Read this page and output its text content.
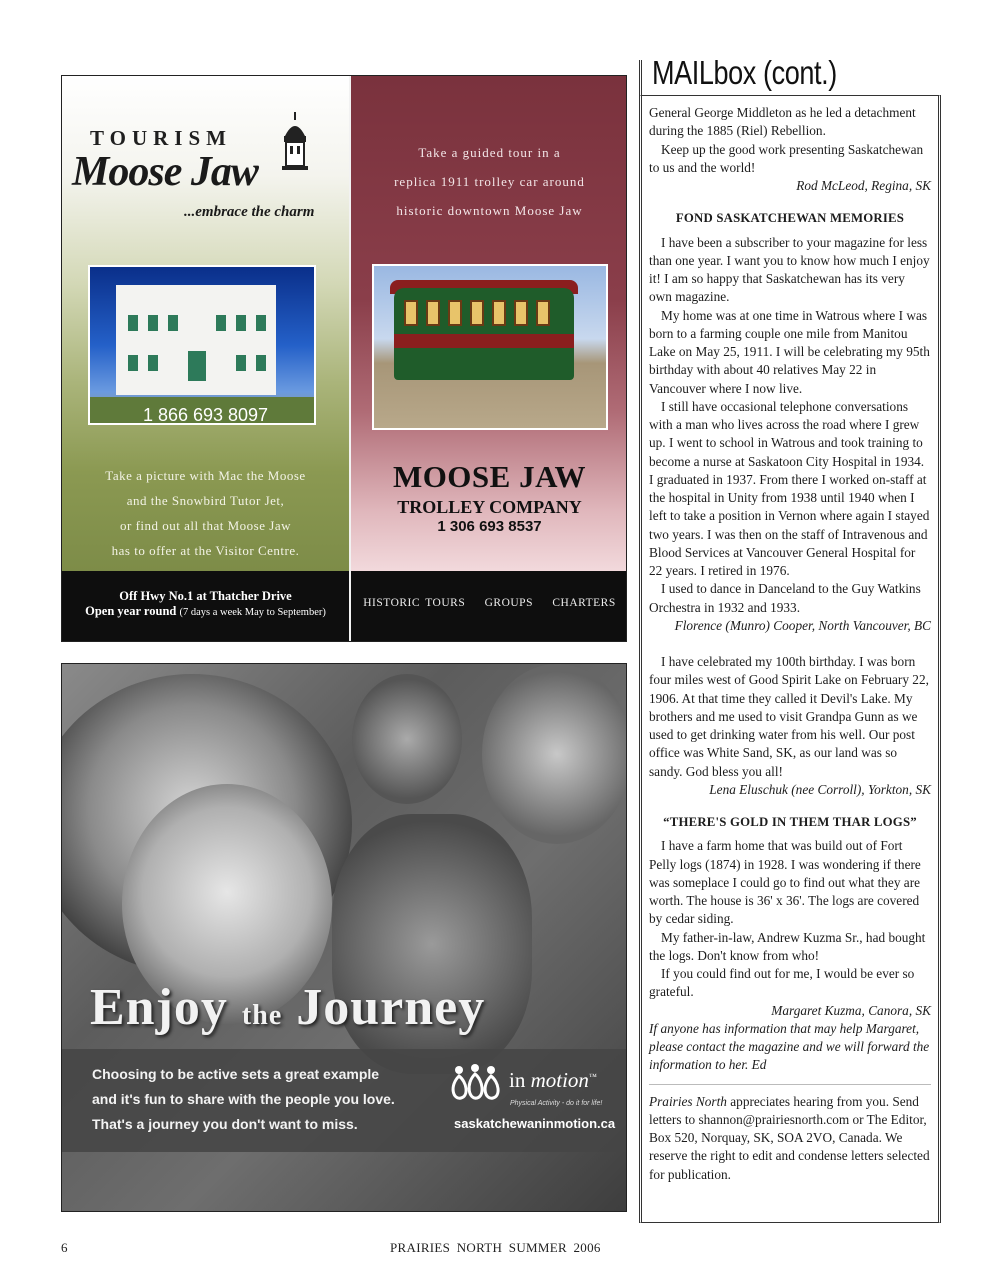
TOURISM
Moose Jaw
...embrace the charm
1 866 693 8097
Take a picture with Mac the Moose
and the Snowbird Tutor Jet,
or find out all that Moose Jaw
has to offer at the Visitor Centre.
Off Hwy No.1 at Thatcher Drive
Open year round (7 days a week May to September)
Take a guided tour in a
replica 1911 trolley car around
historic downtown Moose Jaw
MOOSE JAW
TROLLEY COMPANY
1 306 693 8537
HISTORIC TOURS GROUPS CHARTERS
Enjoy the Journey
Choosing to be active sets a great example
and it's fun to share with the people you love.
That's a journey you don't want to miss.
in motion™
Physical Activity - do it for life!
saskatchewaninmotion.ca
MAILbox (cont.)

General George Middleton as he led a detachment during the 1885 (Riel) Rebellion.

Keep up the good work presenting Saskatchewan to us and the world!

Rod McLeod, Regina, SK

FOND SASKATCHEWAN MEMORIES

I have been a subscriber to your magazine for less than one year. I want you to know how much I enjoy it! I am so happy that Saskatchewan has its very own magazine.

My home was at one time in Watrous where I was born to a farming couple one mile from Manitou Lake on May 25, 1911. I will be celebrating my 95th birthday with about 40 relatives May 22 in Vancouver where I now live.

I still have occasional telephone conversations with a man who lives across the road where I grew up. I went to school in Watrous and took training to become a nurse at Saskatoon City Hospital in 1934. I graduated in 1937. From there I worked on-staff at the hospital in Unity from 1938 until 1940 when I left to take a position in Vernon where again I stayed two years. I was then on the staff of Intravenous and Blood Services at Vancouver General Hospital for 22 years. I retired in 1976.

I used to dance in Danceland to the Guy Watkins Orchestra in 1932 and 1933.

Florence (Munro) Cooper, North Vancouver, BC

I have celebrated my 100th birthday. I was born four miles west of Good Spirit Lake on February 22, 1906. At that time they called it Devil's Lake. My brothers and me used to visit Grandpa Gunn as we used to get drinking water from his well. Our post office was White Sand, SK, as our land was so sandy. God bless you all!

Lena Eluschuk (nee Corroll), Yorkton, SK

“THERE'S GOLD IN THEM THAR LOGS”

I have a farm home that was build out of Fort Pelly logs (1874) in 1928. I was wondering if there was someplace I could go to find out what they are worth. The house is 36' x 36'. The logs are covered by cedar siding.

My father-in-law, Andrew Kuzma Sr., had bought the logs. Don't know from who!

If you could find out for me, I would be ever so grateful.

Margaret Kuzma, Canora, SK

If anyone has information that may help Margaret, please contact the magazine and we will forward the information to her. Ed

Prairies North appreciates hearing from you. Send letters to shannon@prairiesnorth.com or The Editor, Box 520, Norquay, SK, SOA 2VO, Canada. We reserve the right to edit and condense letters selected for publication.

6	PRAIRIES NORTH SUMMER 2006
